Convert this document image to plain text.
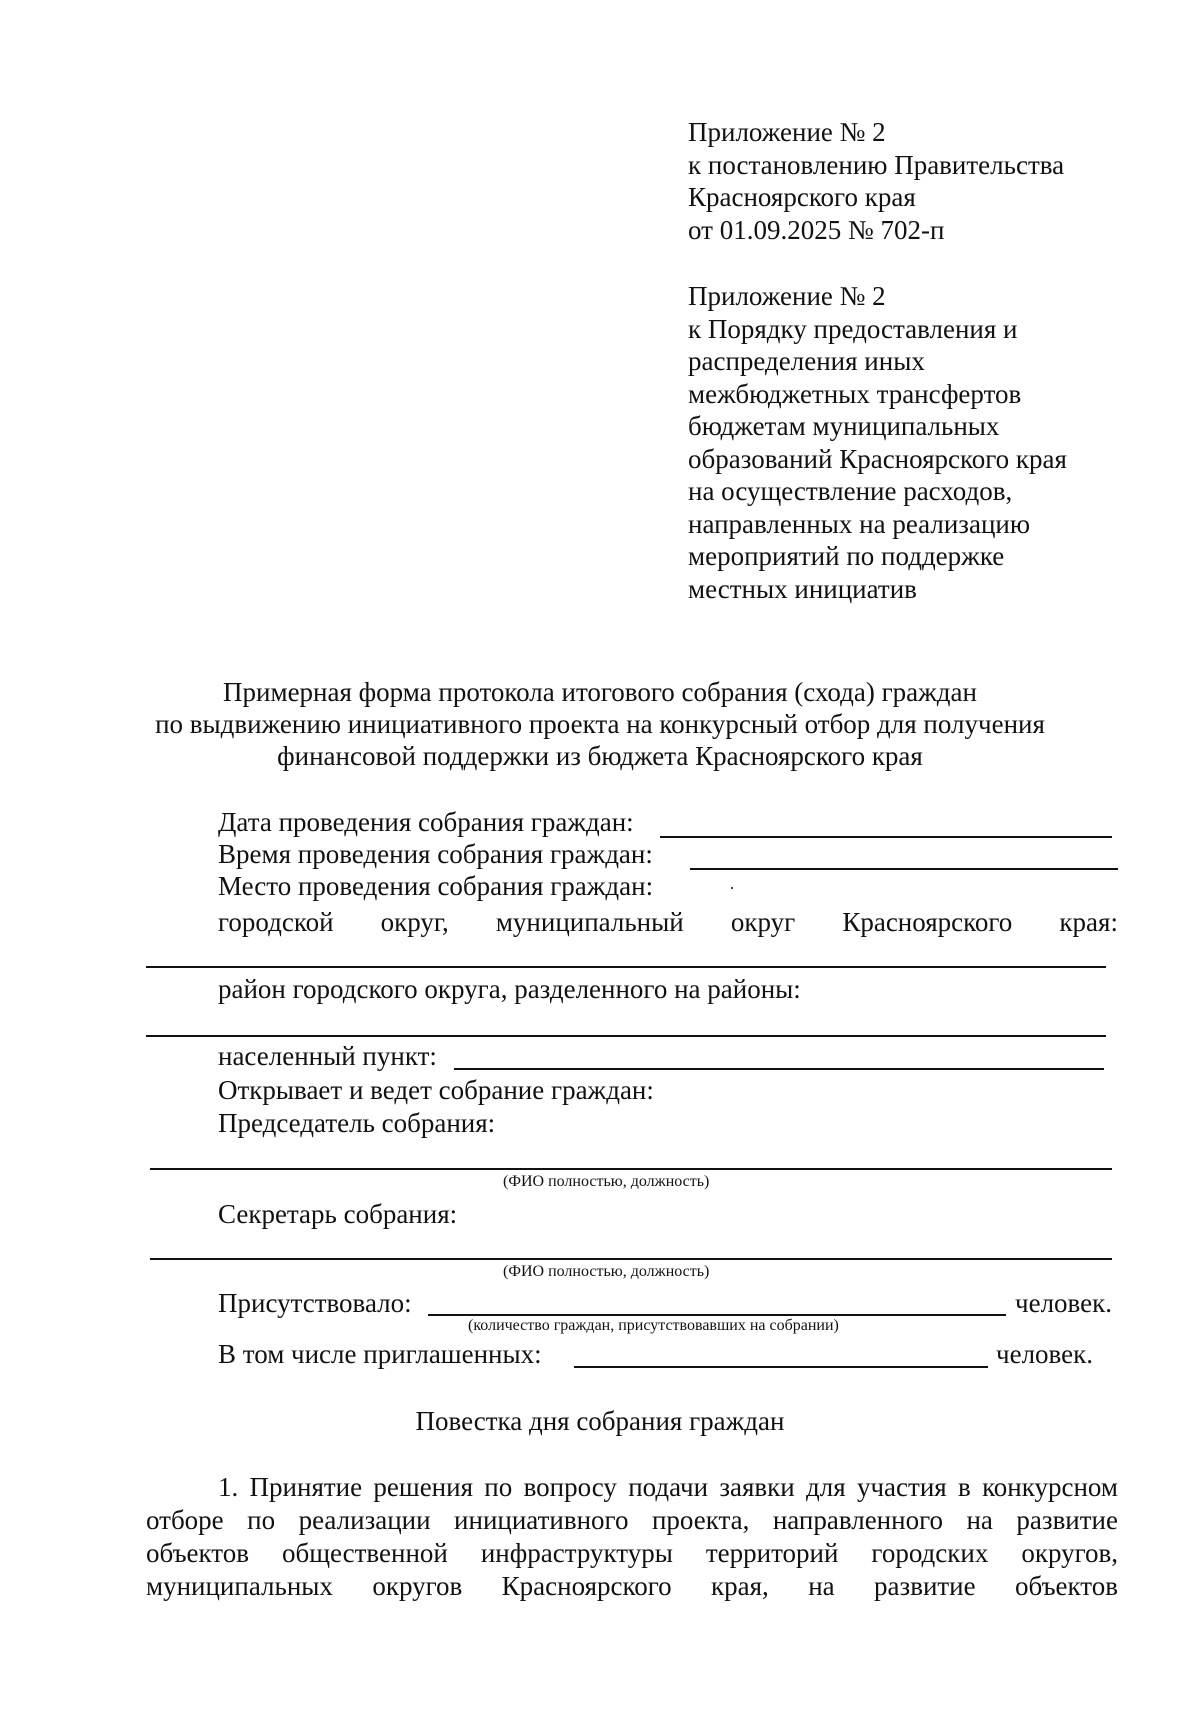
Приложение № 2
к постановлению Правительства
Красноярского края
от 01.09.2025 № 702-п
Приложение № 2
к Порядку предоставления и
распределения иных
межбюджетных трансфертов
бюджетам муниципальных
образований Красноярского края
на осуществление расходов,
направленных на реализацию
мероприятий по поддержке
местных инициатив
Примерная форма протокола итогового собрания (схода) граждан
по выдвижению инициативного проекта на конкурсный отбор для получения
финансовой поддержки из бюджета Красноярского края
Дата проведения собрания граждан:
Время проведения собрания граждан:
Место проведения собрания граждан:
городской округ, муниципальный округ Красноярского края:
район городского округа, разделенного на районы:
населенный пункт:
Открывает и ведет собрание граждан:
Председатель собрания:
(ФИО полностью, должность)
Секретарь собрания:
(ФИО полностью, должность)
Присутствовало:	человек.
(количество граждан, присутствовавших на собрании)
В том числе приглашенных:	человек.
Повестка дня собрания граждан
1. Принятие решения по вопросу подачи заявки для участия в конкурсном
отборе по реализации инициативного проекта, направленного на развитие
объектов общественной инфраструктуры территорий городских округов,
муниципальных округов Красноярского края, на развитие объектов
